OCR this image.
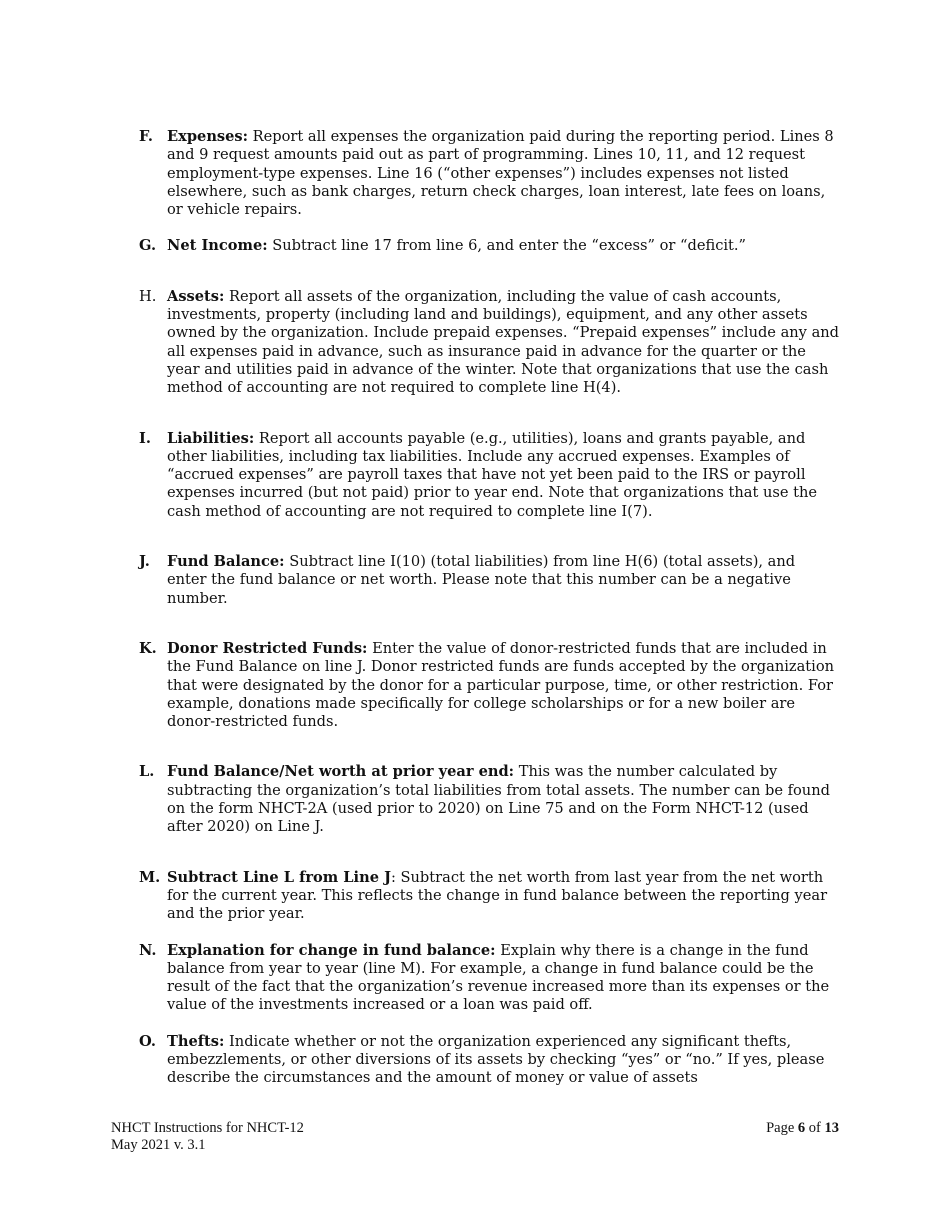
F. Expenses: Report all expenses the organization paid during the reporting period. Lines 8 and 9 request amounts paid out as part of programming. Lines 10, 11, and 12 request employment-type expenses. Line 16 (“other expenses”) includes expenses not listed elsewhere, such as bank charges, return check charges, loan interest, late fees on loans, or vehicle repairs.
G. Net Income: Subtract line 17 from line 6, and enter the “excess” or “deficit.”
H. Assets: Report all assets of the organization, including the value of cash accounts, investments, property (including land and buildings), equipment, and any other assets owned by the organization. Include prepaid expenses. “Prepaid expenses” include any and all expenses paid in advance, such as insurance paid in advance for the quarter or the year and utilities paid in advance of the winter. Note that organizations that use the cash method of accounting are not required to complete line H(4).
I. Liabilities: Report all accounts payable (e.g., utilities), loans and grants payable, and other liabilities, including tax liabilities. Include any accrued expenses. Examples of “accrued expenses” are payroll taxes that have not yet been paid to the IRS or payroll expenses incurred (but not paid) prior to year end. Note that organizations that use the cash method of accounting are not required to complete line I(7).
J. Fund Balance: Subtract line I(10) (total liabilities) from line H(6) (total assets), and enter the fund balance or net worth. Please note that this number can be a negative number.
K. Donor Restricted Funds: Enter the value of donor-restricted funds that are included in the Fund Balance on line J. Donor restricted funds are funds accepted by the organization that were designated by the donor for a particular purpose, time, or other restriction. For example, donations made specifically for college scholarships or for a new boiler are donor-restricted funds.
L. Fund Balance/Net worth at prior year end: This was the number calculated by subtracting the organization’s total liabilities from total assets. The number can be found on the form NHCT-2A (used prior to 2020) on Line 75 and on the Form NHCT-12 (used after 2020) on Line J.
M. Subtract Line L from Line J: Subtract the net worth from last year from the net worth for the current year. This reflects the change in fund balance between the reporting year and the prior year.
N. Explanation for change in fund balance: Explain why there is a change in the fund balance from year to year (line M). For example, a change in fund balance could be the result of the fact that the organization’s revenue increased more than its expenses or the value of the investments increased or a loan was paid off.
O. Thefts: Indicate whether or not the organization experienced any significant thefts, embezzlements, or other diversions of its assets by checking “yes” or “no.” If yes, please describe the circumstances and the amount of money or value of assets
NHCT Instructions for NHCT-12
May 2021 v. 3.1
Page 6 of 13
